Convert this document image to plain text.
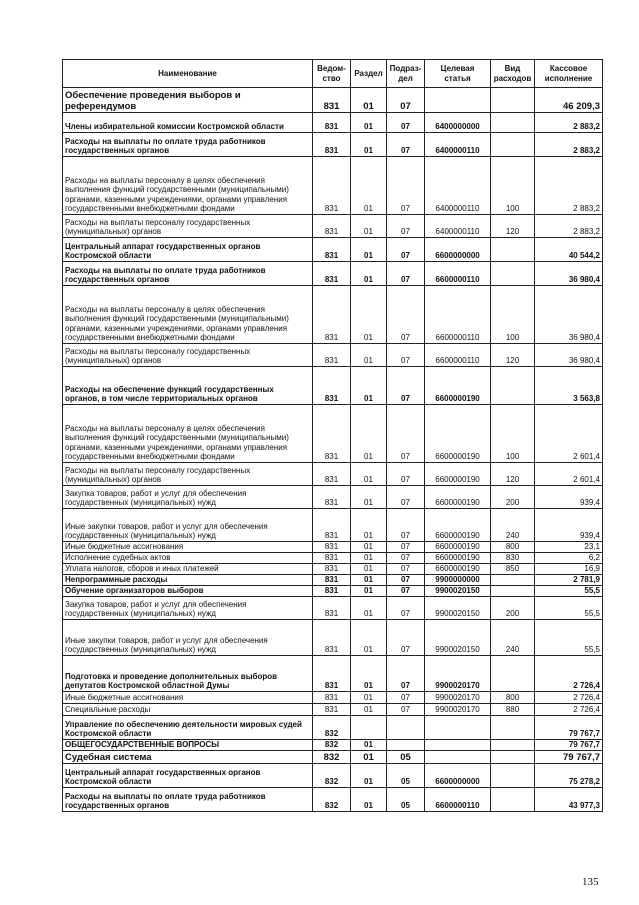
Наименование	Ведом-ство	Раздел	Подраз-дел	Целевая статья	Вид расходов	Кассовое исполнение
Обеспечение проведения выборов и референдумов	831	01	07			46 209,3
Члены избирательной комиссии Костромской области	831	01	07	6400000000		2 883,2
Расходы на выплаты по оплате труда работников государственных органов	831	01	07	6400000110		2 883,2
Расходы на выплаты персоналу в целях обеспечения выполнения функций государственными (муниципальными) органами, казенными учреждениями, органами управления государственными внебюджетными фондами	831	01	07	6400000110	100	2 883,2
Расходы на выплаты персоналу государственных (муниципальных) органов	831	01	07	6400000110	120	2 883,2
Центральный аппарат государственных органов Костромской области	831	01	07	6600000000		40 544,2
Расходы на выплаты по оплате труда работников государственных органов	831	01	07	6600000110		36 980,4
Расходы на выплаты персоналу в целях обеспечения выполнения функций государственными (муниципальными) органами, казенными учреждениями, органами управления государственными внебюджетными фондами	831	01	07	6600000110	100	36 980,4
Расходы на выплаты персоналу государственных (муниципальных) органов	831	01	07	6600000110	120	36 980,4
Расходы на обеспечение функций государственных органов, в том числе территориальных органов	831	01	07	6600000190		3 563,8
Расходы на выплаты персоналу в целях обеспечения выполнения функций государственными (муниципальными) органами, казенными учреждениями, органами управления государственными внебюджетными фондами	831	01	07	6600000190	100	2 601,4
Расходы на выплаты персоналу государственных (муниципальных) органов	831	01	07	6600000190	120	2 601,4
Закупка товаров, работ и услуг для обеспечения государственных (муниципальных) нужд	831	01	07	6600000190	200	939,4
Иные закупки товаров, работ и услуг для обеспечения государственных (муниципальных) нужд	831	01	07	6600000190	240	939,4
Иные бюджетные ассигнования	831	01	07	6600000190	800	23,1
Исполнение судебных актов	831	01	07	6600000190	830	6,2
Уплата налогов, сборов и иных платежей	831	01	07	6600000190	850	16,9
Непрограммные расходы	831	01	07	9900000000		2 781,9
Обучение организаторов выборов	831	01	07	9900020150		55,5
Закупка товаров, работ и услуг для обеспечения государственных (муниципальных) нужд	831	01	07	9900020150	200	55,5
Иные закупки товаров, работ и услуг для обеспечения государственных (муниципальных) нужд	831	01	07	9900020150	240	55,5
Подготовка и проведение дополнительных выборов депутатов Костромской областной Думы	831	01	07	9900020170		2 726,4
Иные бюджетные ассигнования	831	01	07	9900020170	800	2 726,4
Специальные расходы	831	01	07	9900020170	880	2 726,4
Управление по обеспечению деятельности мировых судей Костромской области	832					79 767,7
ОБЩЕГОСУДАРСТВЕННЫЕ ВОПРОСЫ	832	01				79 767,7
Судебная система	832	01	05			79 767,7
Центральный аппарат государственных органов Костромской области	832	01	05	6600000000		75 278,2
Расходы на выплаты по оплате труда работников государственных органов	832	01	05	6600000110		43 977,3
135
